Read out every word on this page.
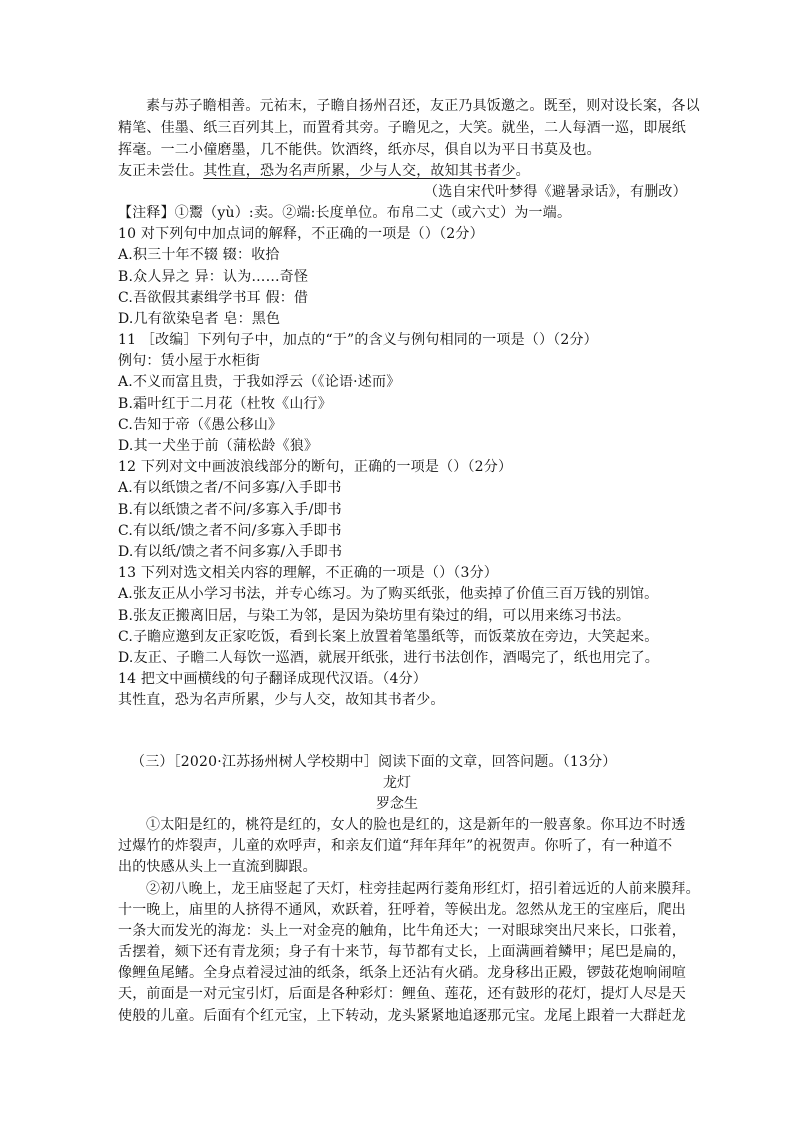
素与苏子瞻相善。元祐末，子瞻自扬州召还，友正乃具饭邀之。既至，则对设长案，各以
精笔、佳墨、纸三百列其上，而置肴其旁。子瞻见之，大笑。就坐，二人每酒一巡，即展纸
挥毫。一二小僮磨墨，几不能供。饮酒终，纸亦尽，俱自以为平日书莫及也。
友正未尝仕。其性直，恐为名声所累，少与人交，故知其书者少。
（选自宋代叶梦得《避暑录话》，有删改）
【注释】①鬻（yù）:卖。②端:长度单位。布帛二丈（或六丈）为一端。
10 对下列句中加点词的解释，不正确的一项是（）（2分）
A.积三十年不辍 辍：收拾
B.众人异之 异：认为……奇怪
C.吾欲假其素缉学书耳 假：借
D.几有欲染皂者 皂：黑色
11 ［改编］下列句子中，加点的“于”的含义与例句相同的一项是（）（2分）
例句：赁小屋于水柜街
A.不义而富且贵，于我如浮云（《论语·述而》
B.霜叶红于二月花（杜牧《山行》
C.告知于帝（《愚公移山》
D.其一犬坐于前（蒲松龄《狼》
12 下列对文中画波浪线部分的断句，正确的一项是（）（2分）
A.有以纸馈之者/不问多寡/入手即书
B.有以纸馈之者不问/多寡入手/即书
C.有以纸/馈之者不问/多寡入手即书
D.有以纸/馈之者不问多寡/入手即书
13 下列对选文相关内容的理解，不正确的一项是（）（3分）
A.张友正从小学习书法，并专心练习。为了购买纸张，他卖掉了价值三百万钱的别馆。
B.张友正搬离旧居，与染工为邻，是因为染坊里有染过的绢，可以用来练习书法。
C.子瞻应邀到友正家吃饭，看到长案上放置着笔墨纸等，而饭菜放在旁边，大笑起来。
D.友正、子瞻二人每饮一巡酒，就展开纸张，进行书法创作，酒喝完了，纸也用完了。
14 把文中画横线的句子翻译成现代汉语。（4分）
其性直，恐为名声所累，少与人交，故知其书者少。
（三）［2020·江苏扬州树人学校期中］阅读下面的文章，回答问题。（13分）
龙灯
罗念生
①太阳是红的，桃符是红的，女人的脸也是红的，这是新年的一般喜象。你耳边不时透
过爆竹的炸裂声，儿童的欢呼声，和亲友们道“拜年拜年”的祝贺声。你听了，有一种道不
出的快感从头上一直流到脚跟。
②初八晚上，龙王庙竖起了天灯，柱旁挂起两行菱角形红灯，招引着远近的人前来膜拜。
十一晚上，庙里的人挤得不通风，欢跃着，狂呼着，等候出龙。忽然从龙王的宝座后，爬出
一条大而发光的海龙：头上一对金亮的触角，比牛角还大；一对眼球突出尺来长，口张着，
舌摆着，颏下还有青龙须；身子有十来节，每节都有丈长，上面满画着鳞甲；尾巴是扁的，
像鲤鱼尾鳍。全身点着浸过油的纸条，纸条上还沾有火硝。龙身移出正殿，锣鼓花炮响闹喧
天，前面是一对元宝引灯，后面是各种彩灯：鲤鱼、莲花，还有鼓形的花灯，提灯人尽是天
使般的儿童。后面有个红元宝，上下转动，龙头紧紧地追逐那元宝。龙尾上跟着一大群赶龙
